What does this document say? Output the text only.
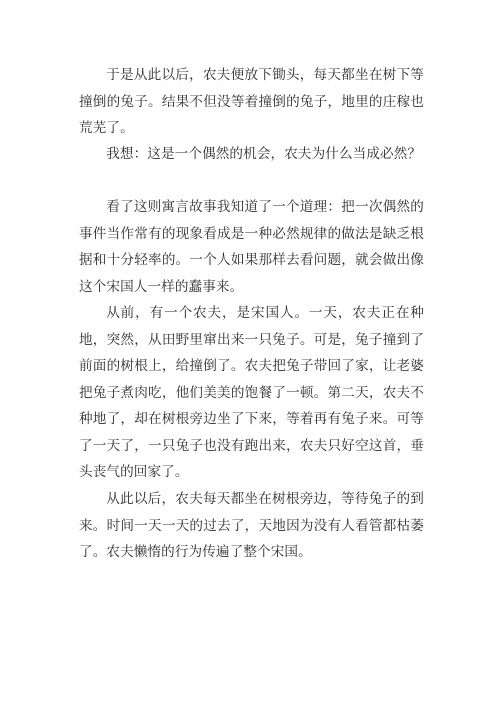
于是从此以后，农夫便放下锄头，每天都坐在树下等撞倒的兔子。结果不但没等着撞倒的兔子，地里的庄稼也荒芜了。

我想：这是一个偶然的机会，农夫为什么当成必然？

看了这则寓言故事我知道了一个道理：把一次偶然的事件当作常有的现象看成是一种必然规律的做法是缺乏根据和十分轻率的。一个人如果那样去看问题，就会做出像这个宋国人一样的蠢事来。

从前，有一个农夫，是宋国人。一天，农夫正在种地，突然，从田野里窜出来一只兔子。可是，兔子撞到了前面的树根上，给撞倒了。农夫把兔子带回了家，让老婆把兔子煮肉吃，他们美美的饱餐了一顿。第二天，农夫不种地了，却在树根旁边坐了下来，等着再有兔子来。可等了一天了，一只兔子也没有跑出来，农夫只好空这首，垂头丧气的回家了。

从此以后，农夫每天都坐在树根旁边，等待兔子的到来。时间一天一天的过去了，天地因为没有人看管都枯萎了。农夫懒惰的行为传遍了整个宋国。
